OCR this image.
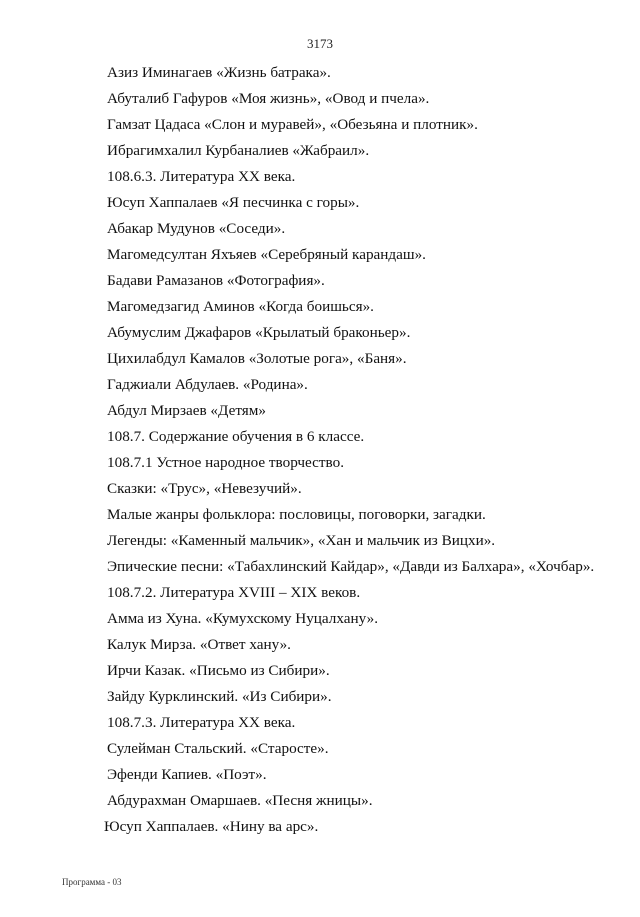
3173
Азиз Иминагаев «Жизнь батрака».
Абуталиб Гафуров «Моя жизнь», «Овод и пчела».
Гамзат Цадаса «Слон и муравей», «Обезьяна и плотник».
Ибрагимхалил Курбаналиев «Жабраил».
108.6.3. Литература XX века.
Юсуп Хаппалаев «Я песчинка с горы».
Абакар Мудунов «Соседи».
Магомедсултан Яхъяев «Серебряный карандаш».
Бадави Рамазанов «Фотография».
Магомедзагид Аминов «Когда боишься».
Абумуслим Джафаров «Крылатый браконьер».
Цихилабдул Камалов «Золотые рога», «Баня».
Гаджиали Абдулаев. «Родина».
Абдул Мирзаев «Детям»
108.7. Содержание обучения в 6 классе.
108.7.1 Устное народное творчество.
Сказки: «Трус», «Невезучий».
Малые жанры фольклора: пословицы, поговорки, загадки.
Легенды: «Каменный мальчик», «Хан и мальчик из Вицхи».
Эпические песни: «Табахлинский Кайдар», «Давди из Балхара», «Хочбар».
108.7.2. Литература XVIII – XIX веков.
Амма из Хуна. «Кумухскому Нуцалхану».
Калук Мирза. «Ответ хану».
Ирчи Казак. «Письмо из Сибири».
Зайду Курклинский. «Из Сибири».
108.7.3. Литература XX века.
Сулейман Стальский. «Старосте».
Эфенди Капиев. «Поэт».
Абдурахман Омаршаев. «Песня жницы».
Юсуп Хаппалаев. «Нину ва арс».
Программа - 03
